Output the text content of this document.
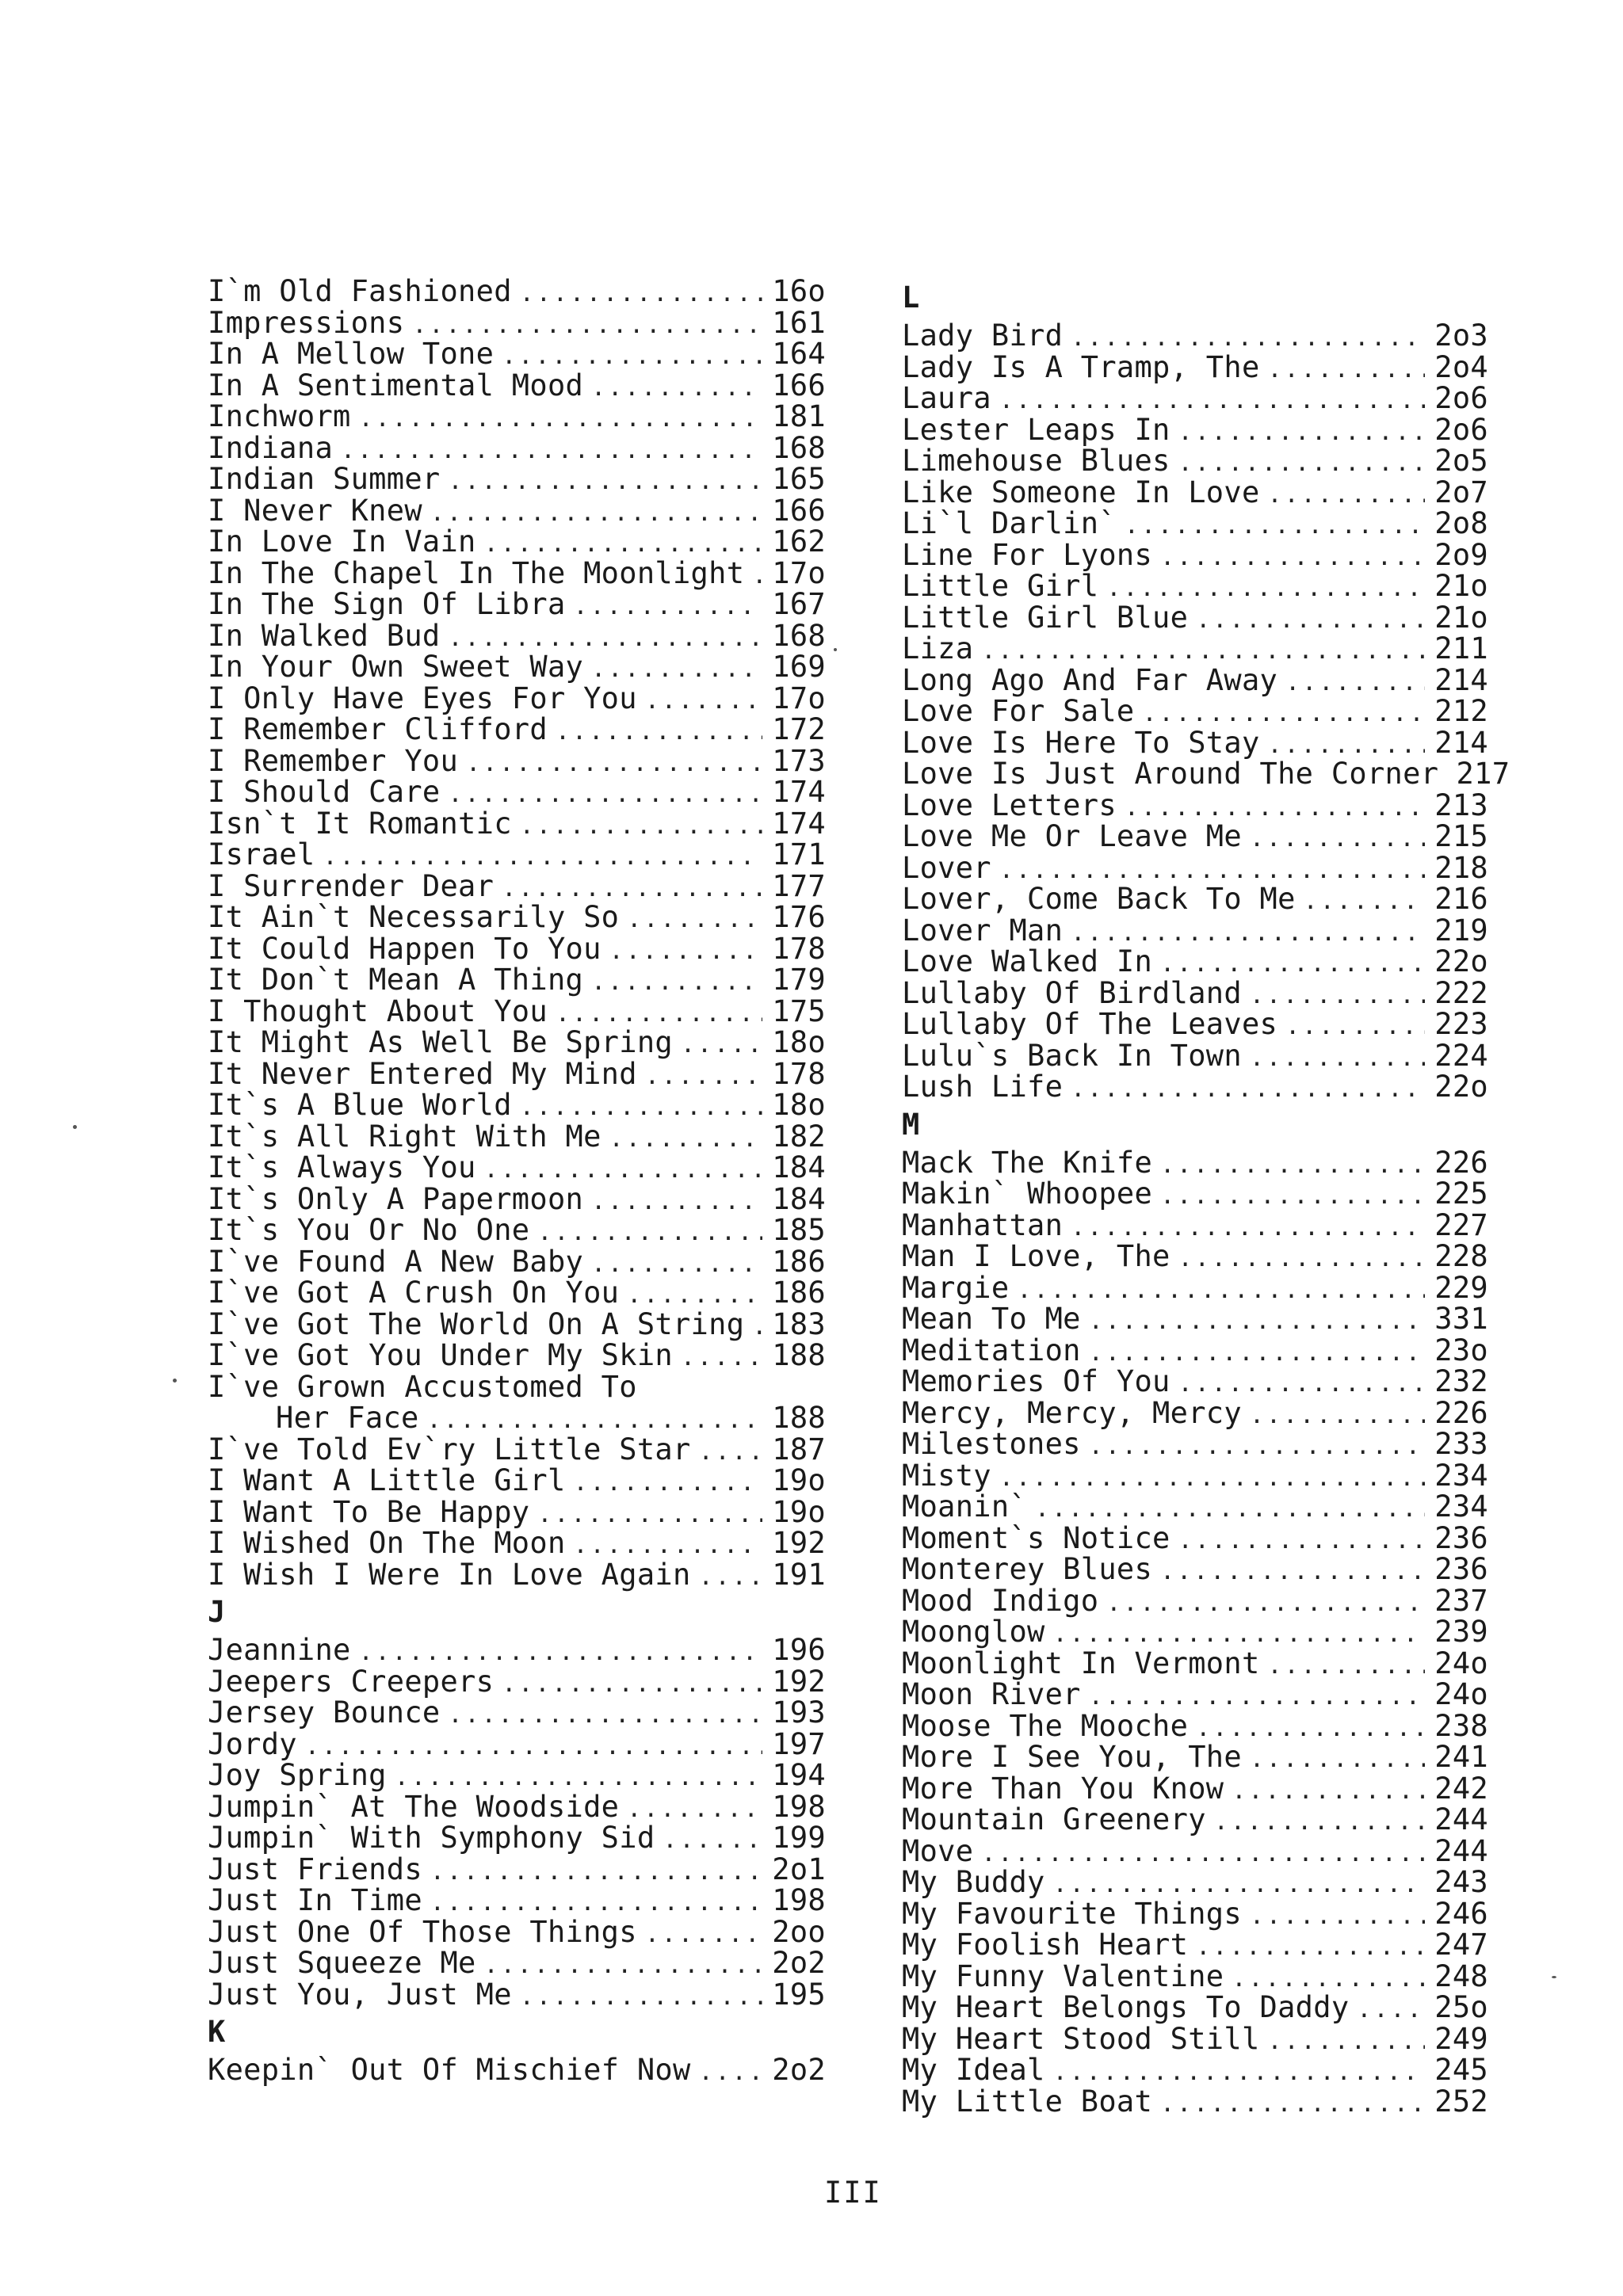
I`m Old Fashioned .....	16o
Impressions .....	161
In A Mellow Tone .....	164
In A Sentimental Mood .....	166
Inchworm .....	181
Indiana .....	168
Indian Summer .....	165
I Never Knew .....	166
In Love In Vain .....	162
In The Chapel In The Moonlight ..... 17o
In The Sign Of Libra .....	167
In Walked Bud .....	168
In Your Own Sweet Way .....	169
I Only Have Eyes For You .....	17o
I Remember Clifford .....	172
I Remember You .....	173
I Should Care .....	174
Isn`t It Romantic .....	174
Israel .....	171
I Surrender Dear .....	177
It Ain`t Necessarily So .....	176
It Could Happen To You .....	178
It Don`t Mean A Thing .....	179
I Thought About You .....	175
It Might As Well Be Spring .....	18o
It Never Entered My Mind .....	178
It`s A Blue World .....	18o
It`s All Right With Me .....	182
It`s Always You .....	184
It`s Only A Papermoon .....	184
It`s You Or No One .....	185
I`ve Found A New Baby .....	186
I`ve Got A Crush On You .....	186
I`ve Got The World On A String ..... 183
I`ve Got You Under My Skin .....	188
I`ve Grown Accustomed To
Her Face .....	188
I`ve Told Ev`ry Little Star .....	187
I Want A Little Girl .....	19o
I Want To Be Happy .....	19o
I Wished On The Moon .....	192
I Wish I Were In Love Again .....	191
J
Jeannine .....	196
Jeepers Creepers .....	192
Jersey Bounce .....	193
Jordy .....	197
Joy Spring .....	194
Jumpin` At The Woodside .....	198
Jumpin` With Symphony Sid .....	199
Just Friends .....	2o1
Just In Time .....	198
Just One Of Those Things .....	2oo
Just Squeeze Me .....	2o2
Just You, Just Me .....	195
K
Keepin` Out Of Mischief Now .....	2o2
L
Lady Bird .....	2o3
Lady Is A Tramp, The .....	2o4
Laura .....	2o6
Lester Leaps In .....	2o6
Limehouse Blues .....	2o5
Like Someone In Love .....	2o7
Li`l Darlin` .....	2o8
Line For Lyons .....	2o9
Little Girl .....	21o
Little Girl Blue .....	21o
Liza .....	211
Long Ago And Far Away .....	214
Love For Sale .....	212
Love Is Here To Stay .....	214
Love Is Just Around The Corner 217
Love Letters .....	213
Love Me Or Leave Me .....	215
Lover .....	218
Lover, Come Back To Me .....	216
Lover Man .....	219
Love Walked In .....	22o
Lullaby Of Birdland .....	222
Lullaby Of The Leaves .....	223
Lulu`s Back In Town .....	224
Lush Life .....	22o
M
Mack The Knife .....	226
Makin` Whoopee .....	225
Manhattan .....	227
Man I Love, The .....	228
Margie .....	229
Mean To Me .....	331
Meditation .....	23o
Memories Of You .....	232
Mercy, Mercy, Mercy .....	226
Milestones .....	233
Misty .....	234
Moanin` .....	234
Moment`s Notice .....	236
Monterey Blues .....	236
Mood Indigo .....	237
Moonglow .....	239
Moonlight In Vermont .....	24o
Moon River .....	24o
Moose The Mooche .....	238
More I See You, The .....	241
More Than You Know .....	242
Mountain Greenery .....	244
Move .....	244
My Buddy .....	243
My Favourite Things .....	246
My Foolish Heart .....	247
My Funny Valentine .....	248
My Heart Belongs To Daddy .....	25o
My Heart Stood Still .....	249
My Ideal .....	245
My Little Boat .....	252
III
